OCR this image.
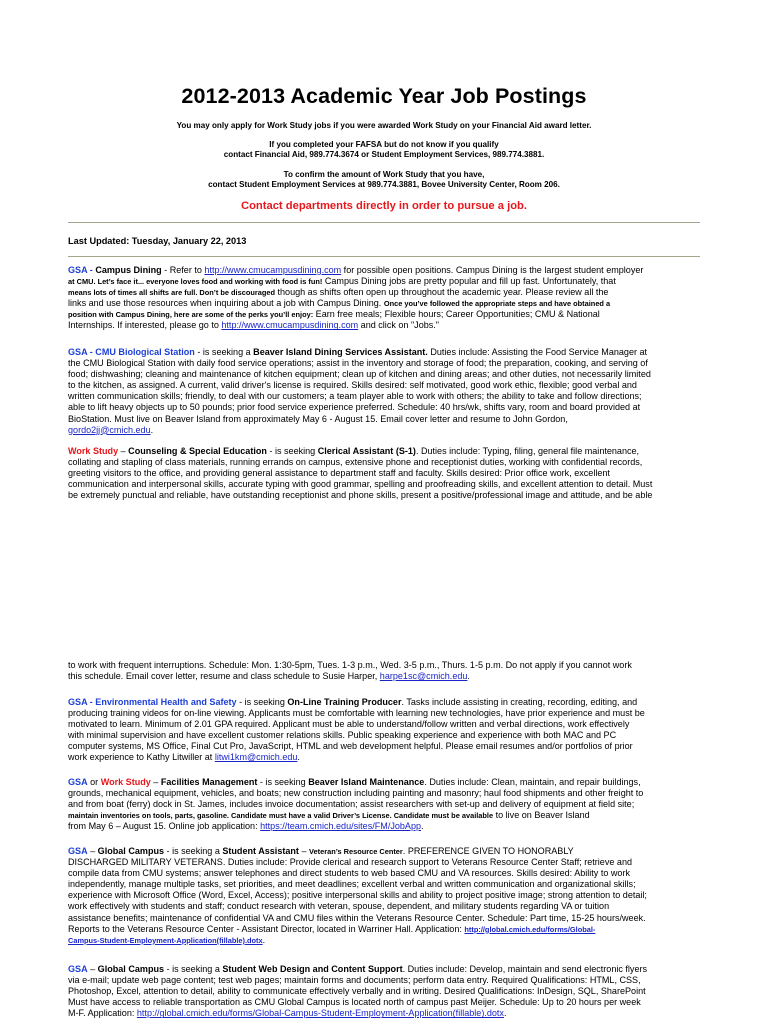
2012-2013 Academic Year Job Postings
You may only apply for Work Study jobs if you were awarded Work Study on your Financial Aid award letter.
If you completed your FAFSA but do not know if you qualify
contact Financial Aid, 989.774.3674 or Student Employment Services, 989.774.3881.
To confirm the amount of Work Study that you have,
contact Student Employment Services at 989.774.3881, Bovee University Center, Room 206.
Contact departments directly in order to pursue a job.
Last Updated: Tuesday, January 22, 2013
GSA - Campus Dining - Refer to http://www.cmucampusdining.com for possible open positions. Campus Dining is the largest student employer
at CMU. Let’s face it... everyone loves food and working with food is fun! Campus Dining jobs are pretty popular and fill up fast. Unfortunately, that
means lots of times all shifts are full. Don’t be discouraged though as shifts often open up throughout the academic year. Please review all the
links and use those resources when inquiring about a job with Campus Dining. Once you’ve followed the appropriate steps and have obtained a
position with Campus Dining, here are some of the perks you’ll enjoy: Earn free meals; Flexible hours; Career Opportunities; CMU & National
Internships. If interested, please go to http://www.cmucampusdining.com and click on "Jobs."
GSA - CMU Biological Station - is seeking a Beaver Island Dining Services Assistant. Duties include: Assisting the Food Service Manager at
the CMU Biological Station with daily food service operations; assist in the inventory and storage of food; the preparation, cooking, and serving of
food; dishwashing; cleaning and maintenance of kitchen equipment; clean up of kitchen and dining areas; and other duties, not necessarily limited
to the kitchen, as assigned. A current, valid driver's license is required. Skills desired: self motivated, good work ethic, flexible; good verbal and
written communication skills; friendly, to deal with our customers; a team player able to work with others; the ability to take and follow directions;
able to lift heavy objects up to 50 pounds; prior food service experience preferred. Schedule: 40 hrs/wk, shifts vary, room and board provided at
BioStation. Must live on Beaver Island from approximately May 6 - August 15. Email cover letter and resume to John Gordon,
gordo2jj@cmich.edu.
Work Study – Counseling & Special Education - is seeking Clerical Assistant (S-1). Duties include: Typing, filing, general file maintenance,
collating and stapling of class materials, running errands on campus, extensive phone and receptionist duties, working with confidential records,
greeting visitors to the office, and providing general assistance to department staff and faculty. Skills desired: Prior office work, excellent
communication and interpersonal skills, accurate typing with good grammar, spelling and proofreading skills, and excellent attention to detail. Must
be extremely punctual and reliable, have outstanding receptionist and phone skills, present a positive/professional image and attitude, and be able
to work with frequent interruptions. Schedule: Mon. 1:30-5pm, Tues. 1-3 p.m., Wed. 3-5 p.m., Thurs. 1-5 p.m. Do not apply if you cannot work
this schedule. Email cover letter, resume and class schedule to Susie Harper, harpe1sc@cmich.edu.
GSA - Environmental Health and Safety - is seeking On-Line Training Producer. Tasks include assisting in creating, recording, editing, and
producing training videos for on-line viewing. Applicants must be comfortable with learning new technologies, have prior experience and must be
motivated to learn. Minimum of 2.01 GPA required. Applicant must be able to understand/follow written and verbal directions, work effectively
with minimal supervision and have excellent customer relations skills. Public speaking experience and experience with both MAC and PC
computer systems, MS Office, Final Cut Pro, JavaScript, HTML and web development helpful. Please email resumes and/or portfolios of prior
work experience to Kathy Litwiller at litwi1km@cmich.edu.
GSA or Work Study – Facilities Management - is seeking Beaver Island Maintenance. Duties include: Clean, maintain, and repair buildings,
grounds, mechanical equipment, vehicles, and boats; new construction including painting and masonry; haul food shipments and other freight to
and from boat (ferry) dock in St. James, includes invoice documentation; assist researchers with set-up and delivery of equipment at field site;
maintain inventories on tools, parts, gasoline. Candidate must have a valid Driver’s License. Candidate must be available to live on Beaver Island
from May 6 – August 15. Online job application: https://team.cmich.edu/sites/FM/JobApp.
GSA – Global Campus - is seeking a Student Assistant – Veteran’s Resource Center. PREFERENCE GIVEN TO HONORABLY
DISCHARGED MILITARY VETERANS. Duties include: Provide clerical and research support to Veterans Resource Center Staff; retrieve and
compile data from CMU systems; answer telephones and direct students to web based CMU and VA resources. Skills desired: Ability to work
independently, manage multiple tasks, set priorities, and meet deadlines; excellent verbal and written communication and organizational skills;
experience with Microsoft Office (Word, Excel, Access); positive interpersonal skills and ability to project positive image; strong attention to detail;
work effectively with students and staff; conduct research with veteran, spouse, dependent, and military students regarding VA or tuition
assistance benefits; maintenance of confidential VA and CMU files within the Veterans Resource Center. Schedule: Part time, 15-25 hours/week.
Reports to the Veterans Resource Center - Assistant Director, located in Warriner Hall. Application: http://global.cmich.edu/forms/Global-
Campus-Student-Employment-Application(fillable).dotx.
GSA – Global Campus - is seeking a Student Web Design and Content Support. Duties include: Develop, maintain and send electronic flyers
via e-mail; update web page content; test web pages; maintain forms and documents; perform data entry. Required Qualifications: HTML, CSS,
Photoshop, Excel, attention to detail, ability to communicate effectively verbally and in writing. Desired Qualifications: InDesign, SQL, SharePoint
Must have access to reliable transportation as CMU Global Campus is located north of campus past Meijer. Schedule: Up to 20 hours per week
M-F. Application: http://global.cmich.edu/forms/Global-Campus-Student-Employment-Application(fillable).dotx.
